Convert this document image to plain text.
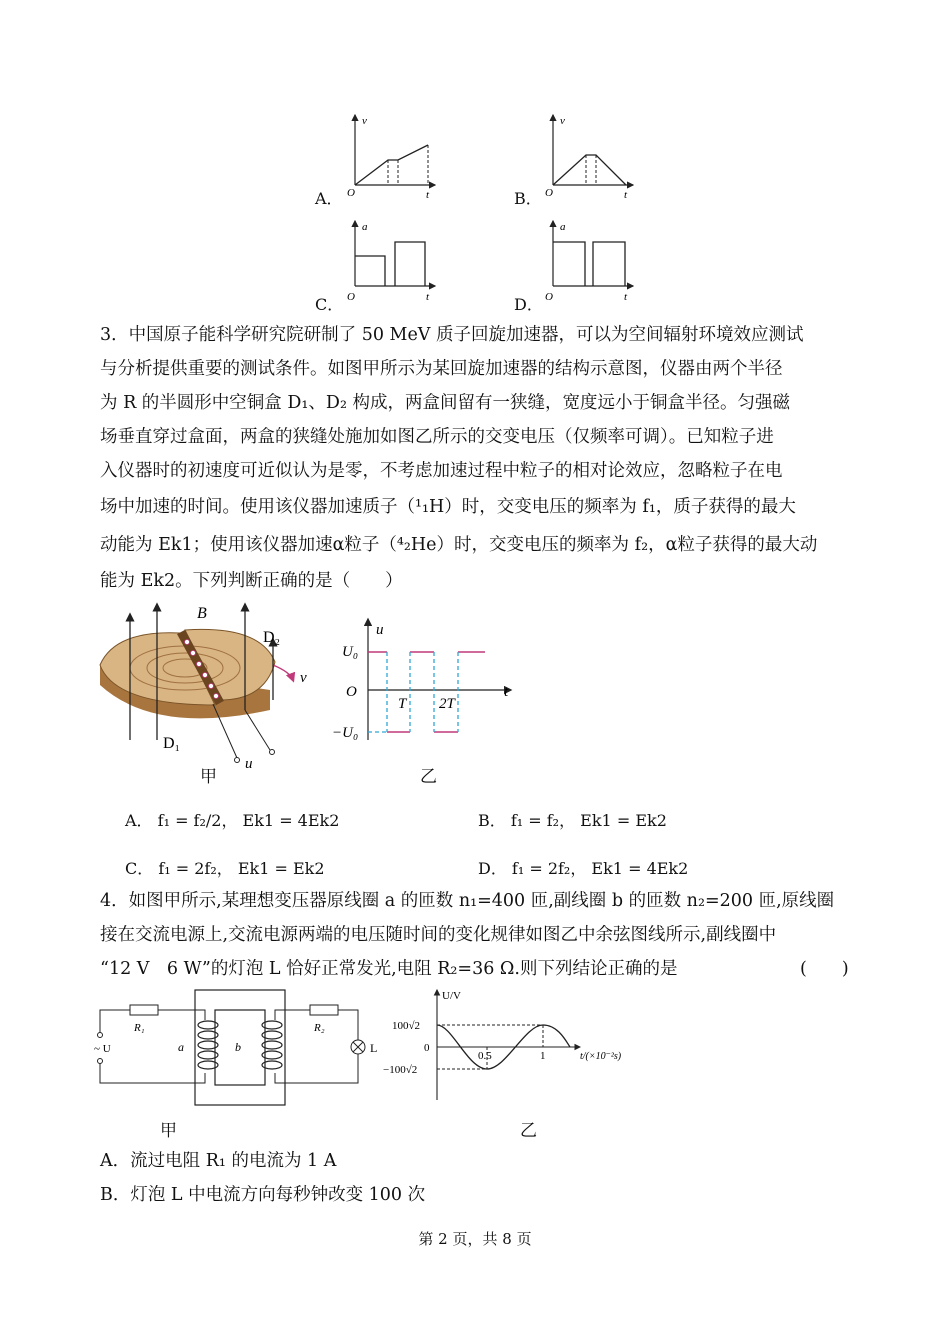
A．
v
t
O	B．
v
t
O
C．
a
t
O	D．
a
t
O
3．中国原子能科学研究院研制了 50 MeV 质子回旋加速器，可以为空间辐射环境效应测试
与分析提供重要的测试条件。如图甲所示为某回旋加速器的结构示意图，仪器由两个半径
为 R 的半圆形中空铜盒 D₁、D₂ 构成，两盒间留有一狭缝，宽度远小于铜盒半径。匀强磁
场垂直穿过盒面，两盒的狭缝处施加如图乙所示的交变电压（仅频率可调）。已知粒子进
入仪器时的初速度可近似认为是零，不考虑加速过程中粒子的相对论效应，忽略粒子在电
场中加速的时间。使用该仪器加速质子（¹₁H）时，交变电压的频率为 f₁，质子获得的最大
动能为 Ek1；使用该仪器加速α粒子（⁴₂He）时，交变电压的频率为 f₂，α粒子获得的最大动
能为 Ek2。下列判断正确的是（　　）
B
D₂
v
D₁
u
甲
U₀
u
O
−U₀
T 2T
t
乙
A． f₁ = f₂/2， Ek1 = 4Ek2	B． f₁ = f₂， Ek1 = Ek2
C． f₁ = 2f₂， Ek1 = Ek2	D． f₁ = 2f₂， Ek1 = 4Ek2
4．如图甲所示,某理想变压器原线圈 a 的匝数 n₁=400 匝,副线圈 b 的匝数 n₂=200 匝,原线圈
接在交流电源上,交流电源两端的电压随时间的变化规律如图乙中余弦图线所示,副线圈中
“12 V　6 W”的灯泡 L 恰好正常发光,电阻 R₂=36 Ω.则下列结论正确的是	(　　)
R₁	R₂
a	b
~ U	L
甲
U/V
100√2
0
−100√2
0.5	1	t/(×10⁻²s)
乙
A．流过电阻 R₁ 的电流为 1 A
B．灯泡 L 中电流方向每秒钟改变 100 次
第 2 页，共 8 页
